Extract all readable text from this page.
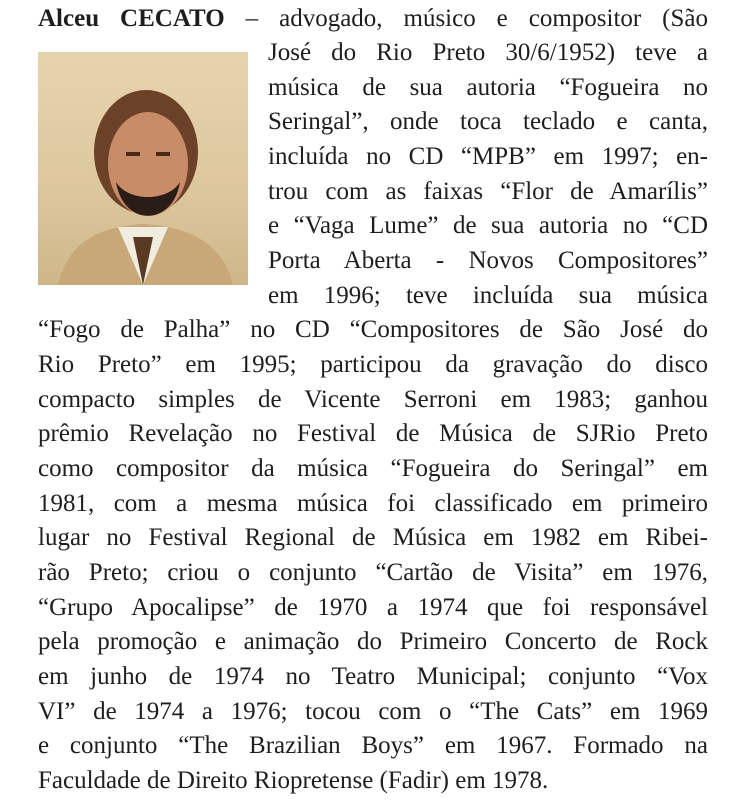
Alceu CECATO – advogado, músico e compositor (São
José do Rio Preto 30/6/1952) teve a
música de sua autoria “Fogueira no
Seringal”, onde toca teclado e canta,
incluída no CD “MPB” em 1997; en-
trou com as faixas “Flor de Amarílis”
e “Vaga Lume” de sua autoria no “CD
Porta Aberta - Novos Compositores”
em 1996; teve incluída sua música
“Fogo de Palha” no CD “Compositores de São José do
Rio Preto” em 1995; participou da gravação do disco
compacto simples de Vicente Serroni em 1983; ganhou
prêmio Revelação no Festival de Música de SJRio Preto
como compositor da música “Fogueira do Seringal” em
1981, com a mesma música foi classificado em primeiro
lugar no Festival Regional de Música em 1982 em Ribei-
rão Preto; criou o conjunto “Cartão de Visita” em 1976,
“Grupo Apocalipse” de 1970 a 1974 que foi responsável
pela promoção e animação do Primeiro Concerto de Rock
em junho de 1974 no Teatro Municipal; conjunto “Vox
VI” de 1974 a 1976; tocou com o “The Cats” em 1969
e conjunto “The Brazilian Boys” em 1967. Formado na
Faculdade de Direito Riopretense (Fadir) em 1978.
